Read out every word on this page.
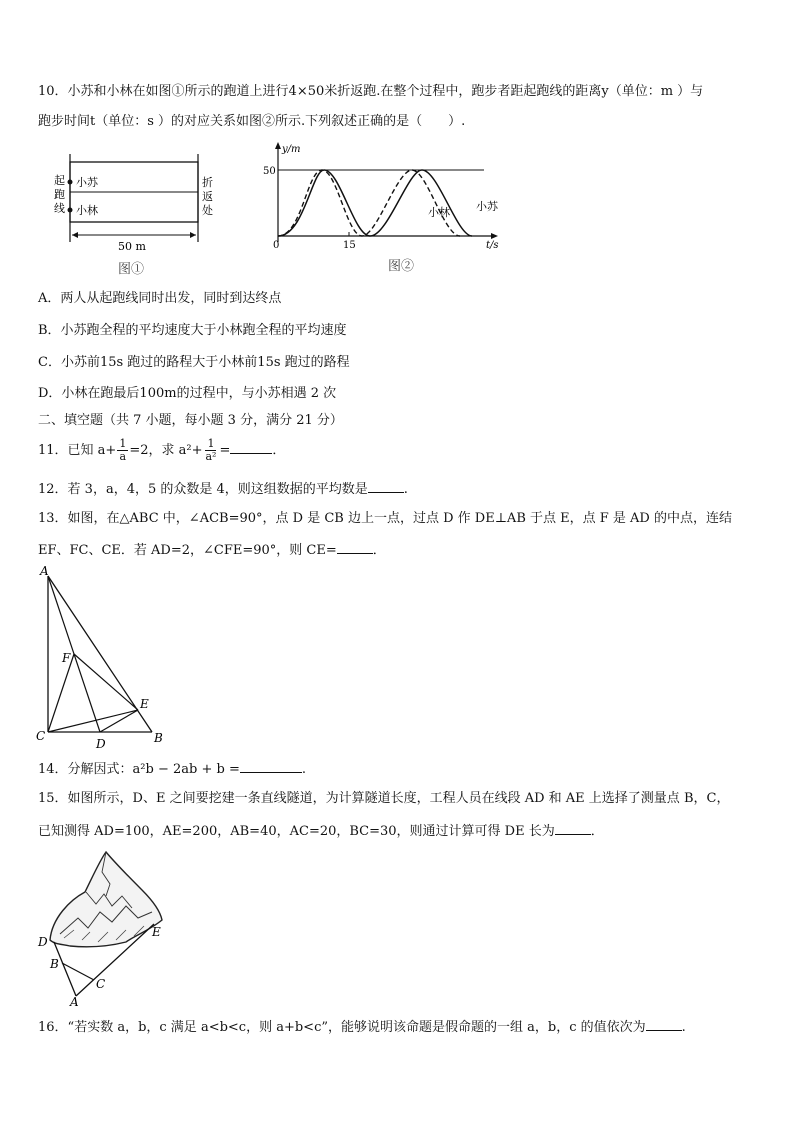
10．小苏和小林在如图①所示的跑道上进行4×50米折返跑.在整个过程中，跑步者距起跑线的距离y（单位：m ）与
跑步时间t（单位：s ）的对应关系如图②所示.下列叙述正确的是（　　）.
小苏
小林
起
跑
线
折
返
处
50 m
图①
y/m
50
0	15	t/s
小林 小苏
图②
A．两人从起跑线同时出发，同时到达终点
B．小苏跑全程的平均速度大于小林跑全程的平均速度
C．小苏前15s 跑过的路程大于小林前15s 跑过的路程
D．小林在跑最后100m的过程中，与小苏相遇 2 次
二、填空题（共 7 小题，每小题 3 分，满分 21 分）
11．已知 $a+ \frac{1}{a} =2$，求 $a^2+ \frac{1}{\text{a²}}$ =	．
12．若 3，a，4，5 的众数是 4，则这组数据的平均数是	.
13．如图，在△ABC 中，∠ACB=90°，点 D 是 CB 边上一点，过点 D 作 DE⊥AB 于点 E，点 F 是 AD 的中点，连结
EF、FC、CE．若 AD=2，∠CFE=90°，则 CE=	．
A
F
E
C
D	B
14．分解因式：a²b − 2ab + b =	.
15．如图所示，D、E 之间要挖建一条直线隧道，为计算隧道长度，工程人员在线段 AD 和 AE 上选择了测量点 B，C，
已知测得 AD=100，AE=200，AB=40，AC=20，BC=30，则通过计算可得 DE 长为	．
D
E
B
C
A
16．“若实数 a，b，c 满足 a<b<c，则 a+b<c”，能够说明该命题是假命题的一组 a，b，c 的值依次为	.
